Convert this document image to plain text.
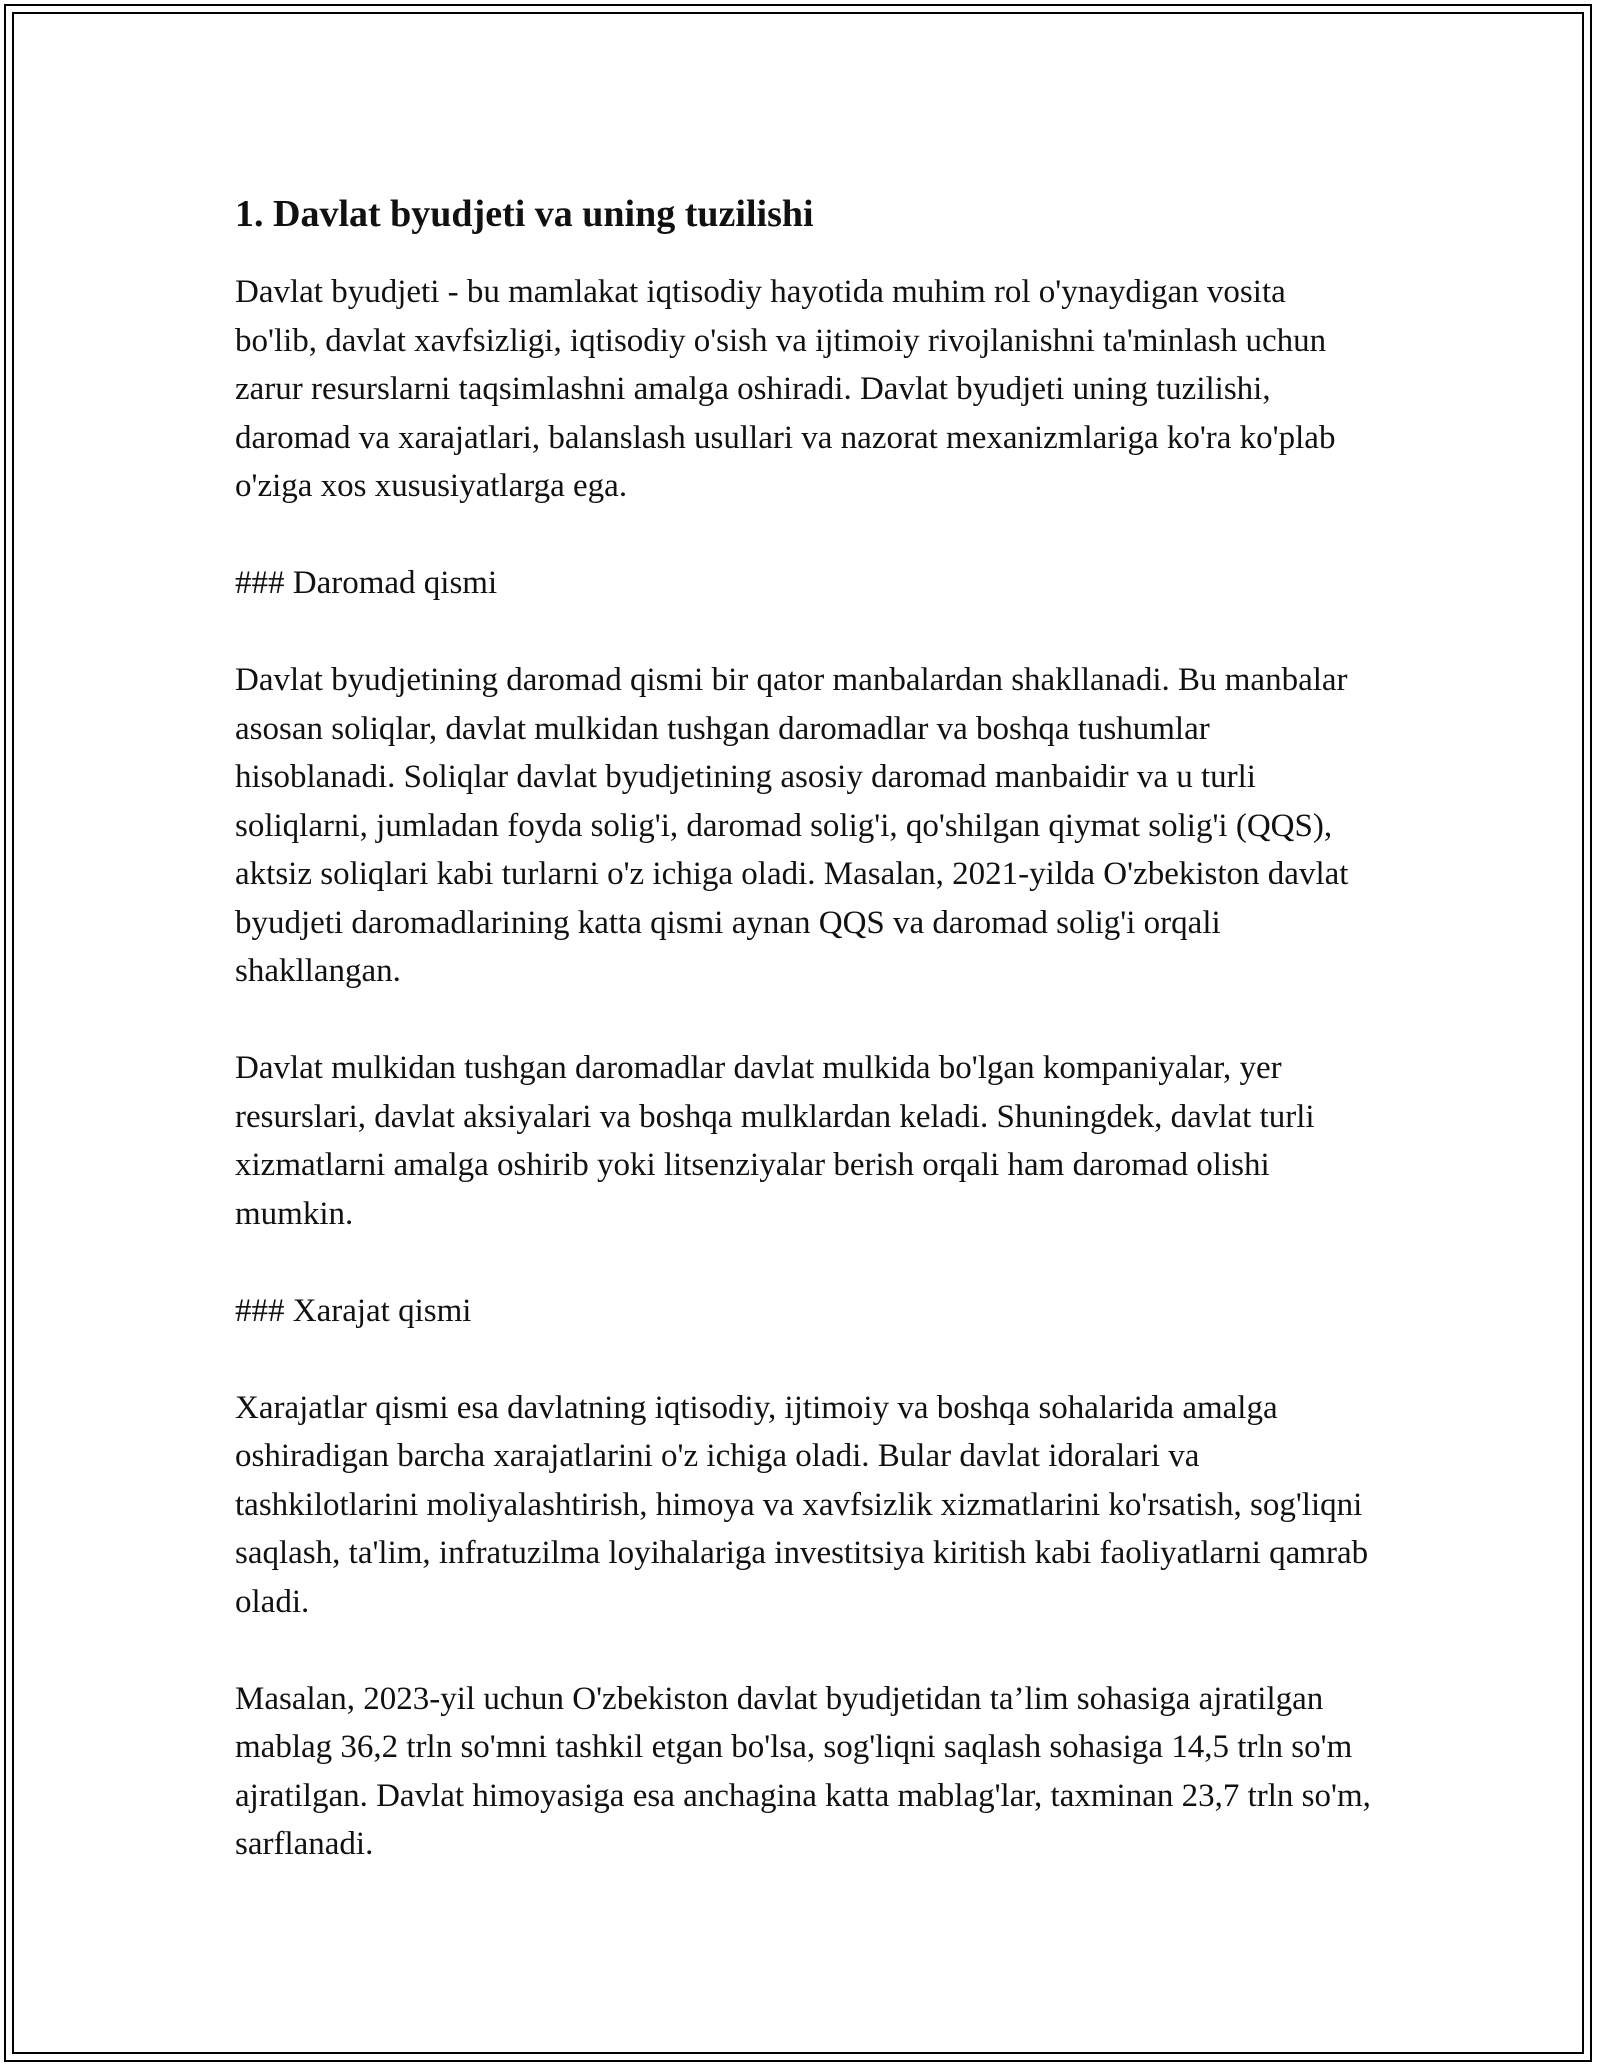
1. Davlat byudjeti va uning tuzilishi

Davlat byudjeti - bu mamlakat iqtisodiy hayotida muhim rol o'ynaydigan vosita bo'lib, davlat xavfsizligi, iqtisodiy o'sish va ijtimoiy rivojlanishni ta'minlash uchun zarur resurslarni taqsimlashni amalga oshiradi. Davlat byudjeti uning tuzilishi, daromad va xarajatlari, balanslash usullari va nazorat mexanizmlariga ko'ra ko'plab o'ziga xos xususіyatlarga ega.

### Daromad qismi

Davlat byudjetining daromad qismi bir qator manbalardan shakllanadi. Bu manbalar asosan soliqlar, davlat mulkidan tushgan daromadlar va boshqa tushumlar hisoblanadi. Soliqlar davlat byudjetining asosiy daromad manbaidir va u turli soliqlarni, jumladan foyda solig'i, daromad solig'i, qo'shilgan qiymat solig'i (QQS), aktsiz soliqlari kabi turlarni o'z ichiga oladi. Masalan, 2021-yilda O'zbekiston davlat byudjeti daromadlarining katta qismi aynan QQS va daromad solig'i orqali shakllangan.

Davlat mulkidan tushgan daromadlar davlat mulkida bo'lgan kompaniyalar, yer resurslari, davlat aksiyalari va boshqa mulklardan keladi. Shuningdek, davlat turli xizmatlarni amalga oshirib yoki litsenziyalar berish orqali ham daromad olishi mumkin.

### Xarajat qismi

Xarajatlar qismi esa davlatning iqtisodiy, ijtimoiy va boshqa sohalarida amalga oshiradigan barcha xarajatlarini o'z ichiga oladi. Bular davlat idoralari va tashkilotlarini moliyalashtirish, himoya va xavfsizlik xizmatlarini ko'rsatish, sog'liqni saqlash, ta'lim, infratuzilma loyihalariga investitsiya kiritish kabi faoliyatlarni qamrab oladi.

Masalan, 2023-yil uchun O'zbekiston davlat byudjetidan ta’lim sohasiga ajratilgan mablag 36,2 trln so'mni tashkil etgan bo'lsa, sog'liqni saqlash sohasiga 14,5 trln so'm ajratilgan. Davlat himoyasiga esa anchagina katta mablag'lar, taxminan 23,7 trln so'm, sarflanadi.
